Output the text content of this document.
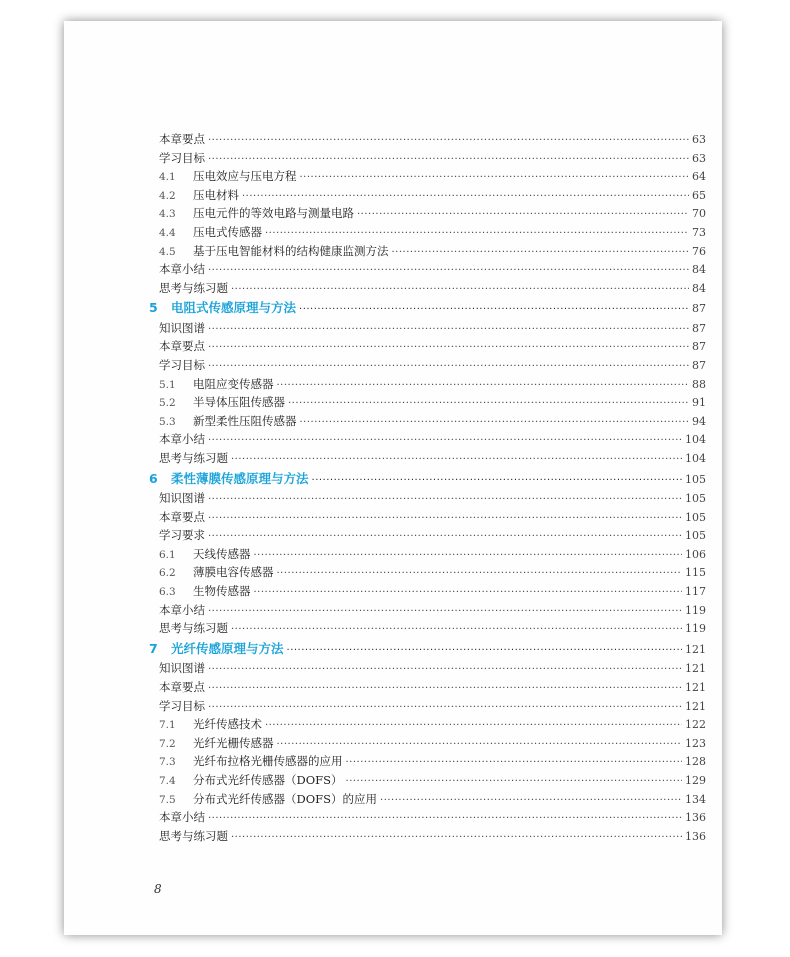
本章要点 ·····	63
学习目标 ·····	63
4.1	压电效应与压电方程 ·····	64
4.2	压电材料 ·····	65
4.3	压电元件的等效电路与测量电路 ·····	70
4.4	压电式传感器 ·····	73
4.5	基于压电智能材料的结构健康监测方法 ·····	76
本章小结 ·····	84
思考与练习题 ·····	84
5 电阻式传感原理与方法 ·····	87
知识图谱 ·····	87
本章要点 ·····	87
学习目标 ·····	87
5.1	电阻应变传感器 ·····	88
5.2	半导体压阻传感器 ·····	91
5.3	新型柔性压阻传感器 ·····	94
本章小结 ·····	104
思考与练习题 ·····	104
6 柔性薄膜传感原理与方法 ·····	105
知识图谱 ·····	105
本章要点 ·····	105
学习要求 ·····	105
6.1	天线传感器 ·····	106
6.2	薄膜电容传感器 ·····	115
6.3	生物传感器 ·····	117
本章小结 ·····	119
思考与练习题 ·····	119
7 光纤传感原理与方法 ·····	121
知识图谱 ·····	121
本章要点 ·····	121
学习目标 ·····	121
7.1	光纤传感技术 ·····	122
7.2	光纤光栅传感器 ·····	123
7.3	光纤布拉格光栅传感器的应用 ·····	128
7.4	分布式光纤传感器（DOFS） ·····	129
7.5	分布式光纤传感器（DOFS）的应用 ·····	134
本章小结 ·····	136
思考与练习题 ·····	136
8
